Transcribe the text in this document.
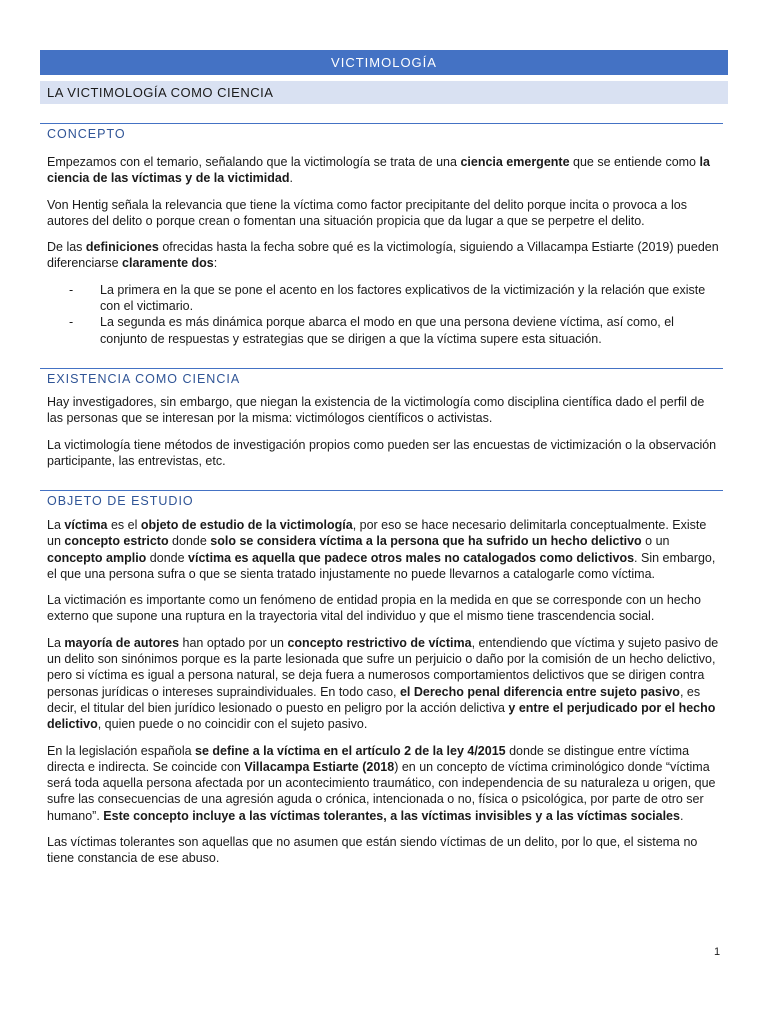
VICTIMOLOGÍA
LA VICTIMOLOGÍA COMO CIENCIA
CONCEPTO

Empezamos con el temario, señalando que la victimología se trata de una ciencia emergente que se entiende como la ciencia de las víctimas y de la victimidad.

Von Hentig señala la relevancia que tiene la víctima como factor precipitante del delito porque incita o provoca a los autores del delito o porque crean o fomentan una situación propicia que da lugar a que se perpetre el delito.

De las definiciones ofrecidas hasta la fecha sobre qué es la victimología, siguiendo a Villacampa Estiarte (2019) pueden diferenciarse claramente dos:

- La primera en la que se pone el acento en los factores explicativos de la victimización y la relación que existe con el victimario.
- La segunda es más dinámica porque abarca el modo en que una persona deviene víctima, así como, el conjunto de respuestas y estrategias que se dirigen a que la víctima supere esta situación.
EXISTENCIA COMO CIENCIA

Hay investigadores, sin embargo, que niegan la existencia de la victimología como disciplina científica dado el perfil de las personas que se interesan por la misma: victimólogos científicos o activistas.

La victimología tiene métodos de investigación propios como pueden ser las encuestas de victimización o la observación participante, las entrevistas, etc.

OBJETO DE ESTUDIO

La víctima es el objeto de estudio de la victimología, por eso se hace necesario delimitarla conceptualmente. Existe un concepto estricto donde solo se considera víctima a la persona que ha sufrido un hecho delictivo o un concepto amplio donde víctima es aquella que padece otros males no catalogados como delictivos. Sin embargo, el que una persona sufra o que se sienta tratado injustamente no puede llevarnos a catalogarle como víctima.

La victimación es importante como un fenómeno de entidad propia en la medida en que se corresponde con un hecho externo que supone una ruptura en la trayectoria vital del individuo y que el mismo tiene trascendencia social.

La mayoría de autores han optado por un concepto restrictivo de víctima, entendiendo que víctima y sujeto pasivo de un delito son sinónimos porque es la parte lesionada que sufre un perjuicio o daño por la comisión de un hecho delictivo, pero si víctima es igual a persona natural, se deja fuera a numerosos comportamientos delictivos que se dirigen contra personas jurídicas o intereses supraindividuales. En todo caso, el Derecho penal diferencia entre sujeto pasivo, es decir, el titular del bien jurídico lesionado o puesto en peligro por la acción delictiva y entre el perjudicado por el hecho delictivo, quien puede o no coincidir con el sujeto pasivo.

En la legislación española se define a la víctima en el artículo 2 de la ley 4/2015 donde se distingue entre víctima directa e indirecta. Se coincide con Villacampa Estiarte (2018) en un concepto de víctima criminológico donde “víctima será toda aquella persona afectada por un acontecimiento traumático, con independencia de su naturaleza u origen, que sufre las consecuencias de una agresión aguda o crónica, intencionada o no, física o psicológica, por parte de otro ser humano”. Este concepto incluye a las víctimas tolerantes, a las víctimas invisibles y a las víctimas sociales.

Las víctimas tolerantes son aquellas que no asumen que están siendo víctimas de un delito, por lo que, el sistema no tiene constancia de ese abuso.

1
